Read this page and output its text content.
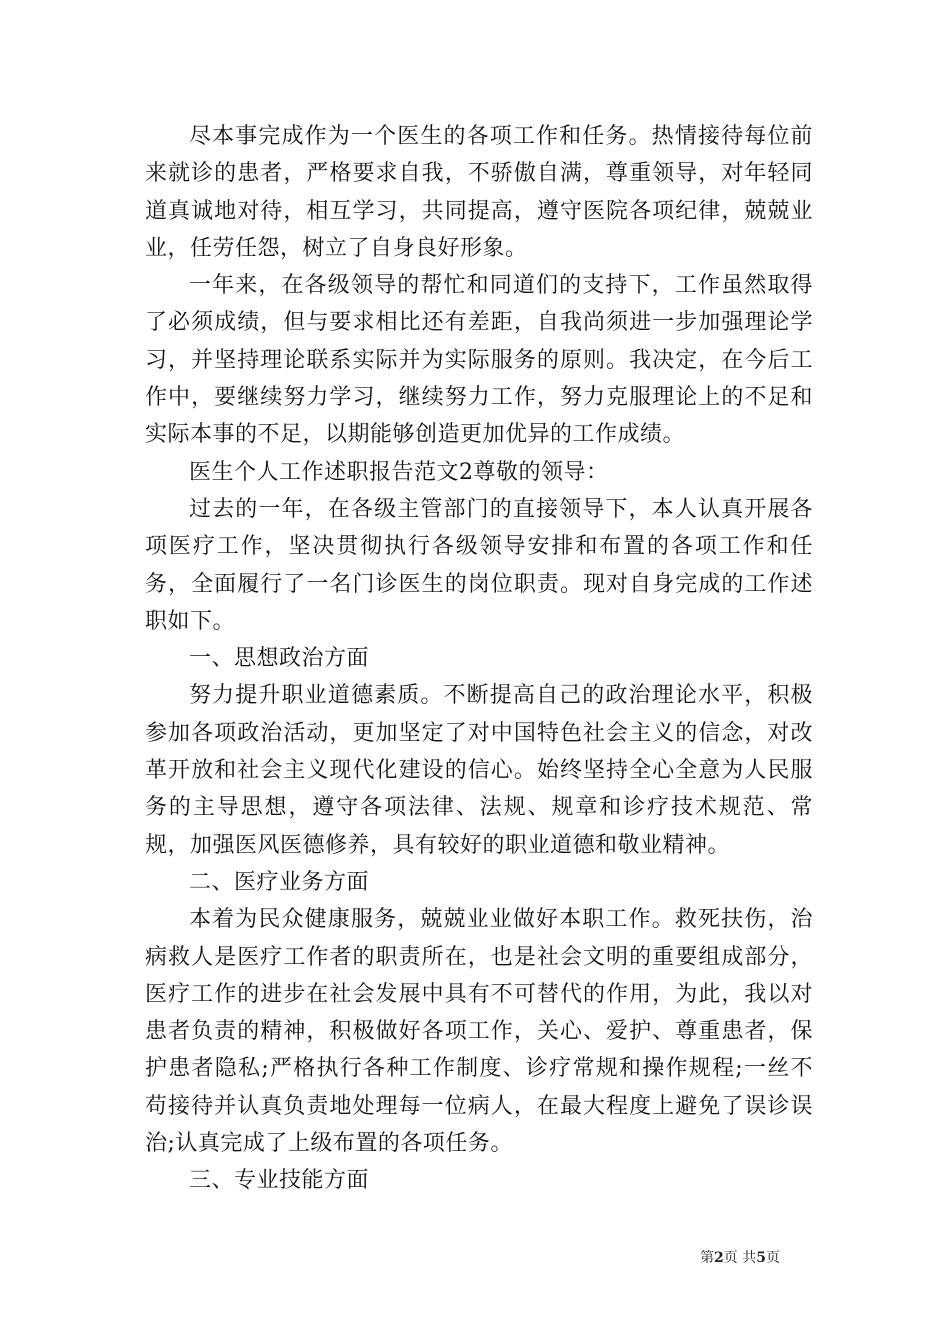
尽本事完成作为一个医生的各项工作和任务。热情接待每位前来就诊的患者，严格要求自我，不骄傲自满，尊重领导，对年轻同道真诚地对待，相互学习，共同提高，遵守医院各项纪律，兢兢业业，任劳任怨，树立了自身良好形象。

一年来，在各级领导的帮忙和同道们的支持下，工作虽然取得了必须成绩，但与要求相比还有差距，自我尚须进一步加强理论学习，并坚持理论联系实际并为实际服务的原则。我决定，在今后工作中，要继续努力学习，继续努力工作，努力克服理论上的不足和实际本事的不足，以期能够创造更加优异的工作成绩。

医生个人工作述职报告范文2尊敬的领导：

过去的一年，在各级主管部门的直接领导下，本人认真开展各项医疗工作，坚决贯彻执行各级领导安排和布置的各项工作和任务，全面履行了一名门诊医生的岗位职责。现对自身完成的工作述职如下。

一、思想政治方面

努力提升职业道德素质。不断提高自己的政治理论水平，积极参加各项政治活动，更加坚定了对中国特色社会主义的信念，对改革开放和社会主义现代化建设的信心。始终坚持全心全意为人民服务的主导思想，遵守各项法律、法规、规章和诊疗技术规范、常规，加强医风医德修养，具有较好的职业道德和敬业精神。

二、医疗业务方面

本着为民众健康服务，兢兢业业做好本职工作。救死扶伤，治病救人是医疗工作者的职责所在，也是社会文明的重要组成部分，医疗工作的进步在社会发展中具有不可替代的作用，为此，我以对患者负责的精神，积极做好各项工作，关心、爱护、尊重患者，保护患者隐私;严格执行各种工作制度、诊疗常规和操作规程;一丝不苟接待并认真负责地处理每一位病人，在最大程度上避免了误诊误治;认真完成了上级布置的各项任务。

三、专业技能方面

第2页 共5页
